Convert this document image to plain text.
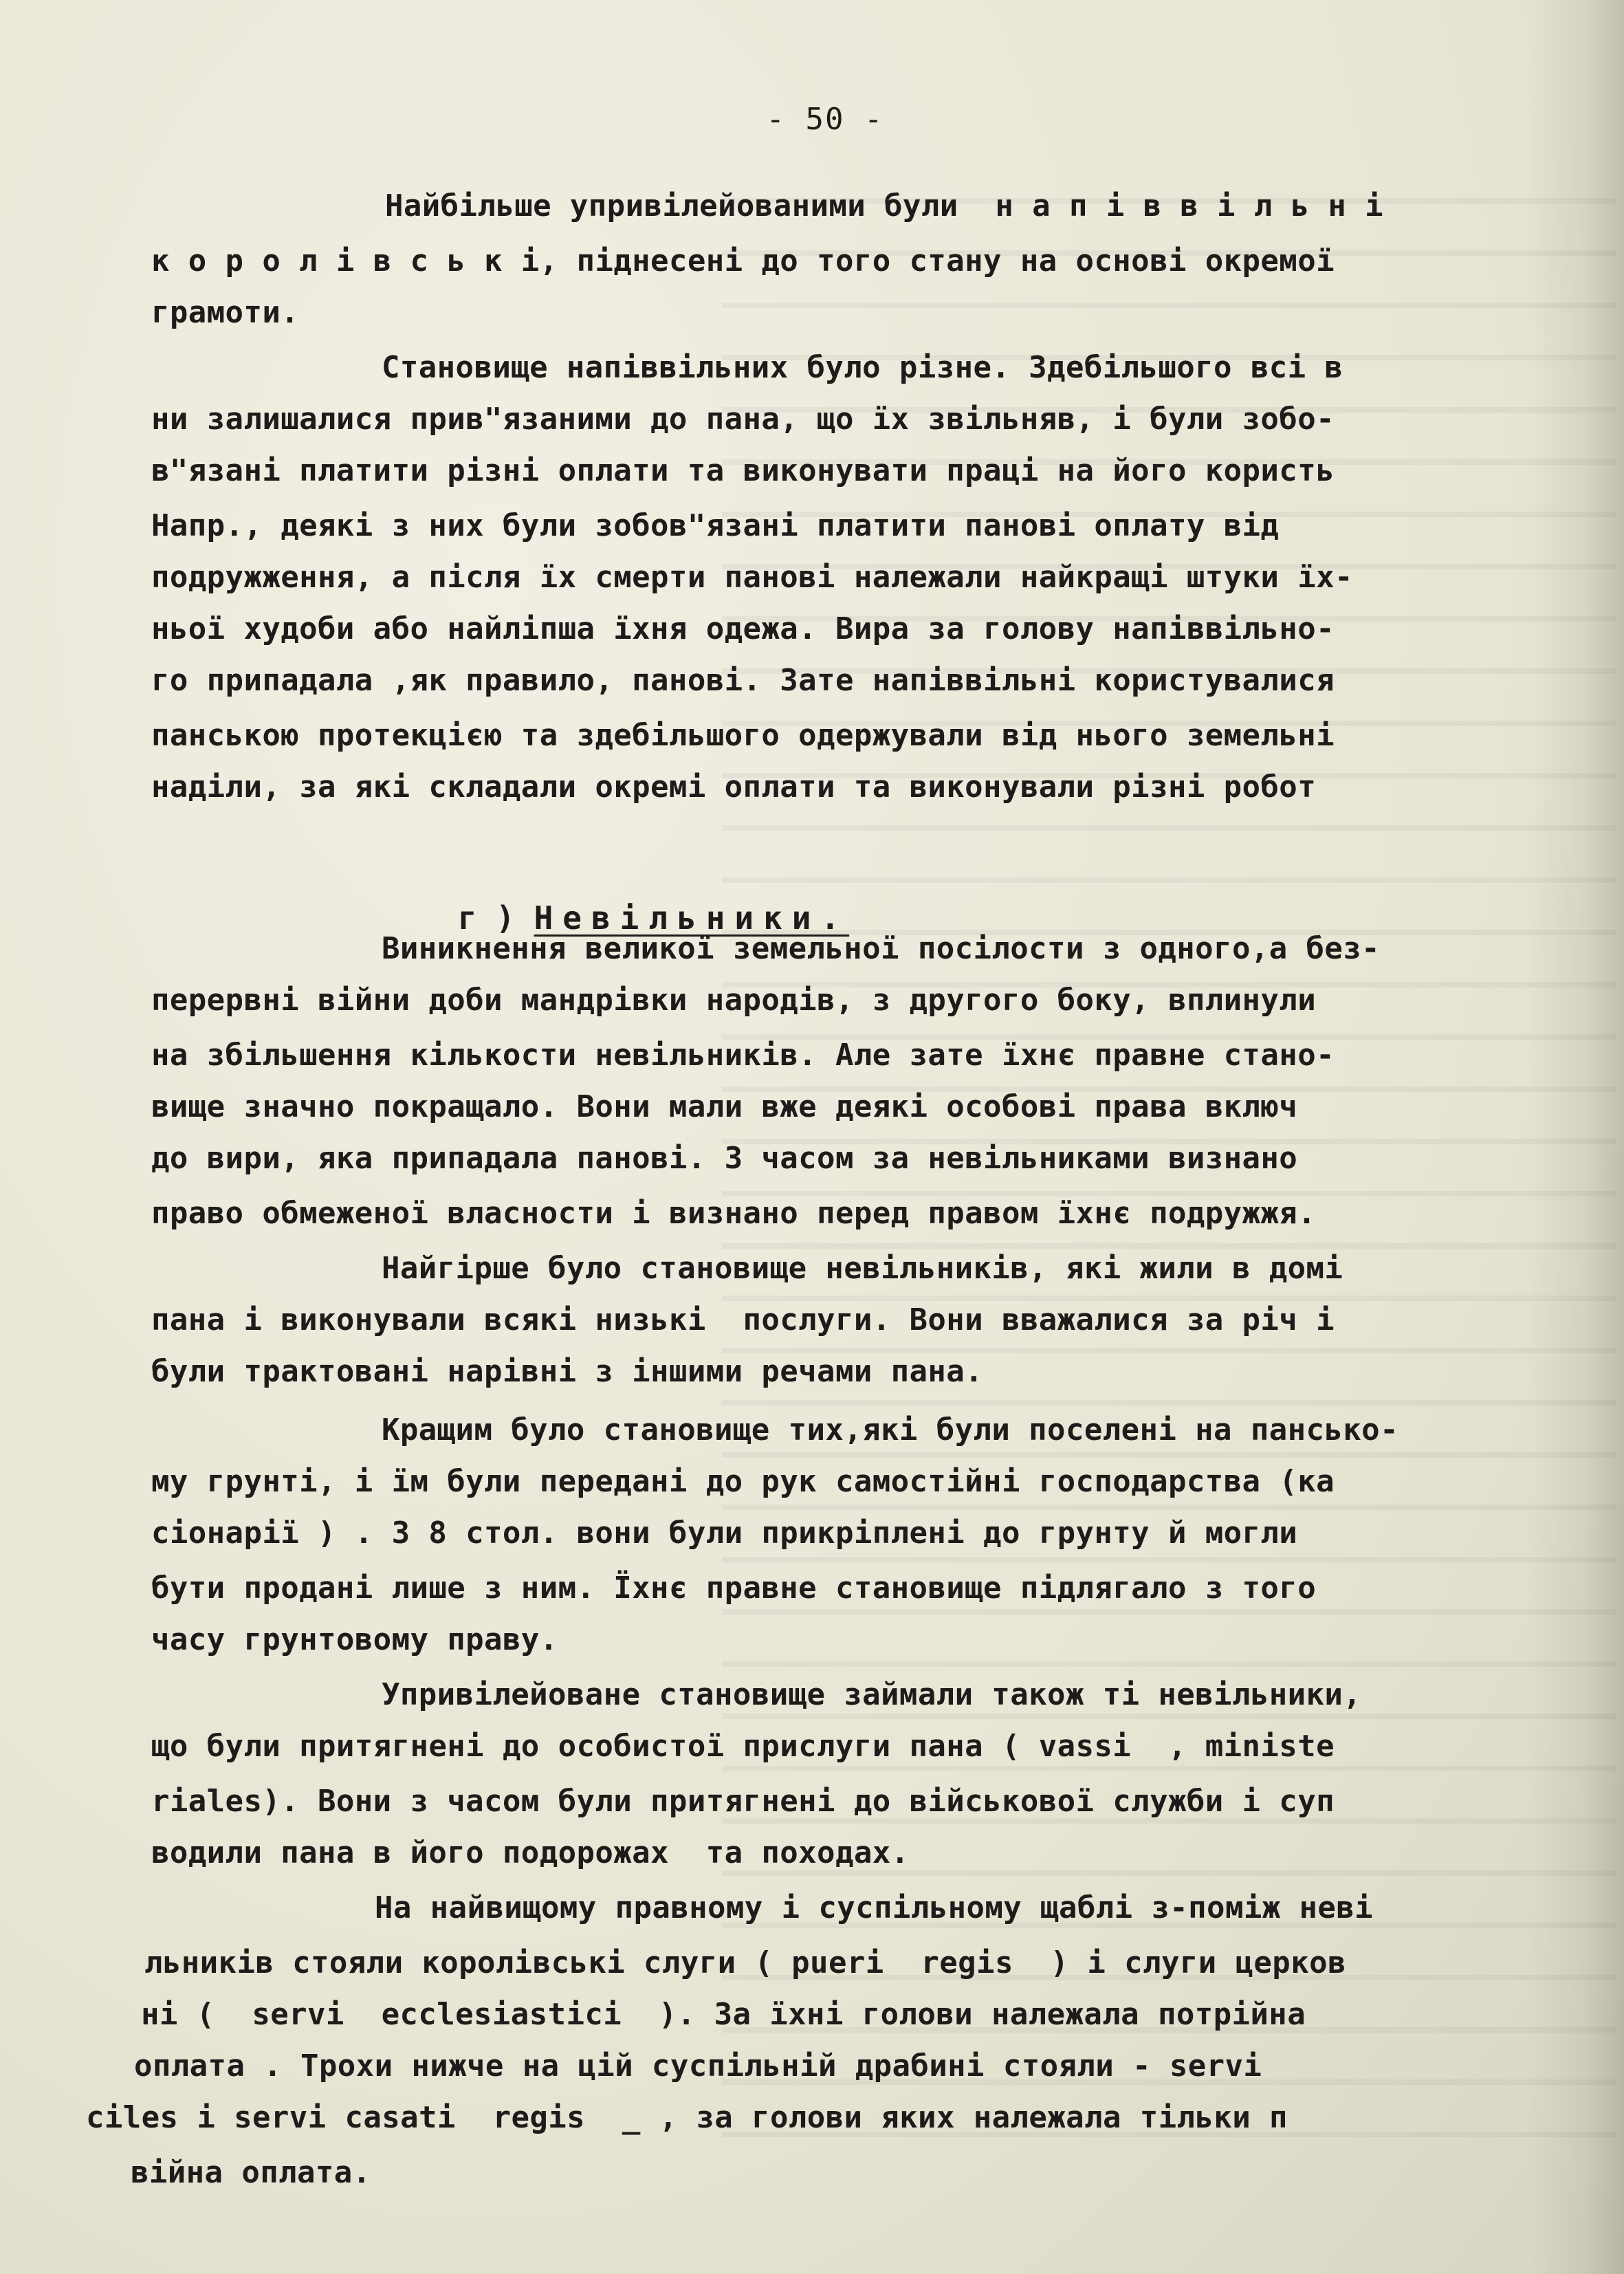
- 50 -
Найбільше упривілейованими були  н а п і в в і л ь н і
к о р о л і в с ь к і, піднесені до того стану на основі окремої
грамоти.
Становище напіввільних було різне. Здебільшого всі в
ни залишалися прив"язаними до пана, що їх звільняв, і були зобо-
в"язані платити різні оплати та виконувати праці на його користь
Напр., деякі з них були зобов"язані платити панові оплату від
подружження, а після їх смерти панові належали найкращі штуки їх-
ньої худоби або найліпша їхня одежа. Вира за голову напіввільно-
го припадала ,як правило, панові. Зате напіввільні користувалися
панською протекцією та здебільшого одержували від нього земельні
наділи, за які складали окремі оплати та виконували різні робот

г ) Невільники.

Виникнення великої земельної посілости з одного,а без-
перервні війни доби мандрівки народів, з другого боку, вплинули
на збільшення кількости невільників. Але зате їхнє правне стано-
вище значно покращало. Вони мали вже деякі особові права включ
до вири, яка припадала панові. З часом за невільниками визнано
право обмеженої власности і визнано перед правом їхнє подружжя.
Найгірше було становище невільників, які жили в домі
пана і виконували всякі низькі  послуги. Вони вважалися за річ і
були трактовані нарівні з іншими речами пана.
Кращим було становище тих,які були поселені на пансько-
му грунті, і їм були передані до рук самостійні господарства (ка
сіонарії ) . З 8 стол. вони були прикріплені до грунту й могли
бути продані лише з ним. Їхнє правне становище підлягало з того
часу грунтовому праву.
Упривілейоване становище займали також ті невільники,
що були притягнені до особистої прислуги пана ( vassi  , ministe
riales). Вони з часом були притягнені до військової служби і суп
водили пана в його подорожах  та походах.
На найвищому правному і суспільному щаблі з-поміж неві
льників стояли королівські слуги ( pueri  regis  ) і слуги церков
ні (  servi  ecclesiastici  ). За їхні голови належала потрійна
оплата . Трохи нижче на цій суспільній драбині стояли - servi
ciles і servi casati  regis  _ , за голови яких належала тільки п
війна оплата.
